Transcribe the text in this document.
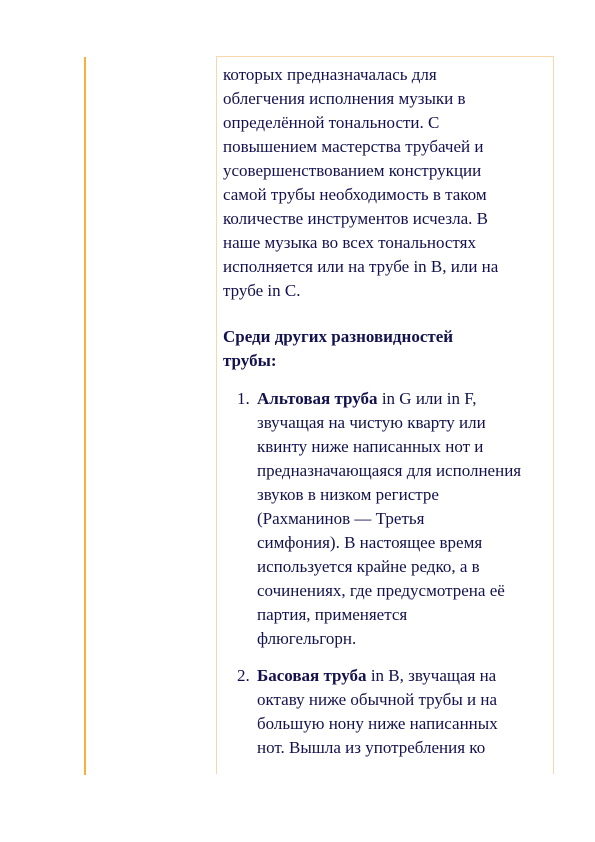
которых предназначалась для
облегчения исполнения музыки в
определённой тональности. С
повышением мастерства трубачей и
усовершенствованием конструкции
самой трубы необходимость в таком
количестве инструментов исчезла. В
наше музыка во всех тональностях
исполняется или на трубе in B, или на
трубе in C.

Среди других разновидностей
трубы:
1. Альтовая труба in G или in F,
звучащая на чистую кварту или
квинту ниже написанных нот и
предназначающаяся для исполнения
звуков в низком регистре
(Рахманинов — Третья
симфония). В настоящее время
используется крайне редко, а в
сочинениях, где предусмотрена её
партия, применяется
флюгельгорн.
2. Басовая труба in B, звучащая на
октаву ниже обычной трубы и на
большую нону ниже написанных
нот. Вышла из употребления ко
